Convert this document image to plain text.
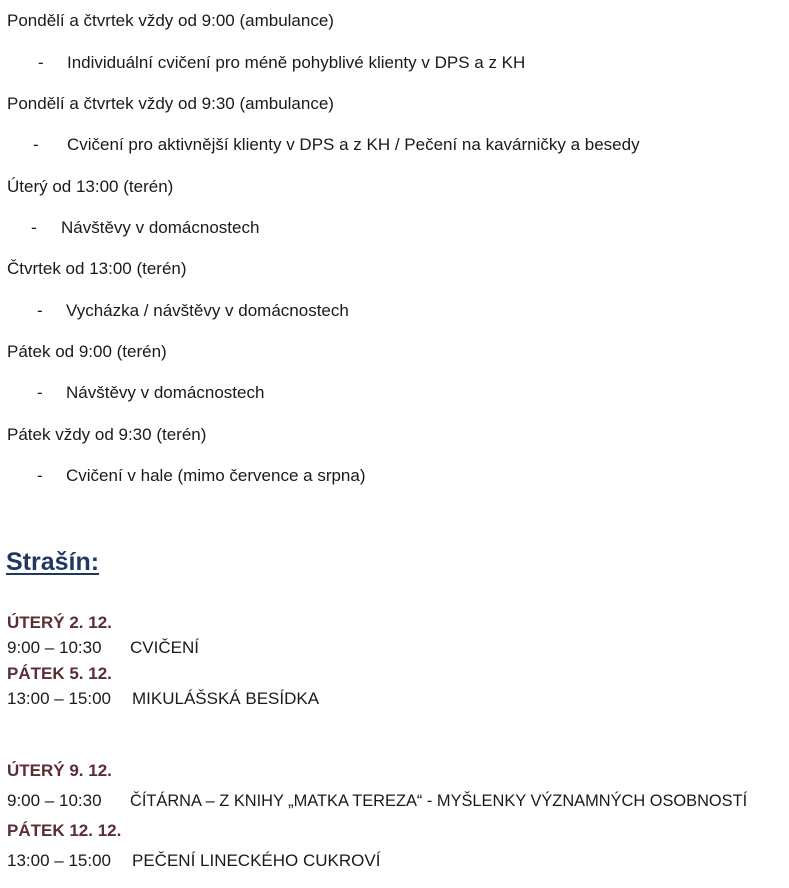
Pondělí a čtvrtek vždy od 9:00 (ambulance)
- Individuální cvičení pro méně pohyblivé klienty v DPS a z KH
Pondělí a čtvrtek vždy od 9:30 (ambulance)
- Cvičení pro aktivnější klienty v DPS a z KH / Pečení na kavárničky a besedy
Úterý od 13:00 (terén)
- Návštěvy v domácnostech
Čtvrtek od 13:00 (terén)
- Vycházka / návštěvy v domácnostech
Pátek od 9:00 (terén)
- Návštěvy v domácnostech
Pátek vždy od 9:30 (terén)
- Cvičení v hale (mimo července a srpna)
Strašín:
ÚTERÝ 2. 12.
9:00 – 10:30 CVIČENÍ
PÁTEK 5. 12.
13:00 – 15:00 MIKULÁŠSKÁ BESÍDKA
ÚTERÝ 9. 12.
9:00 – 10:30 ČÍTÁRNA – Z KNIHY „MATKA TEREZA“ - MYŠLENKY VÝZNAMNÝCH OSOBNOSTÍ
PÁTEK 12. 12.
13:00 – 15:00 PEČENÍ LINECKÉHO CUKROVÍ
